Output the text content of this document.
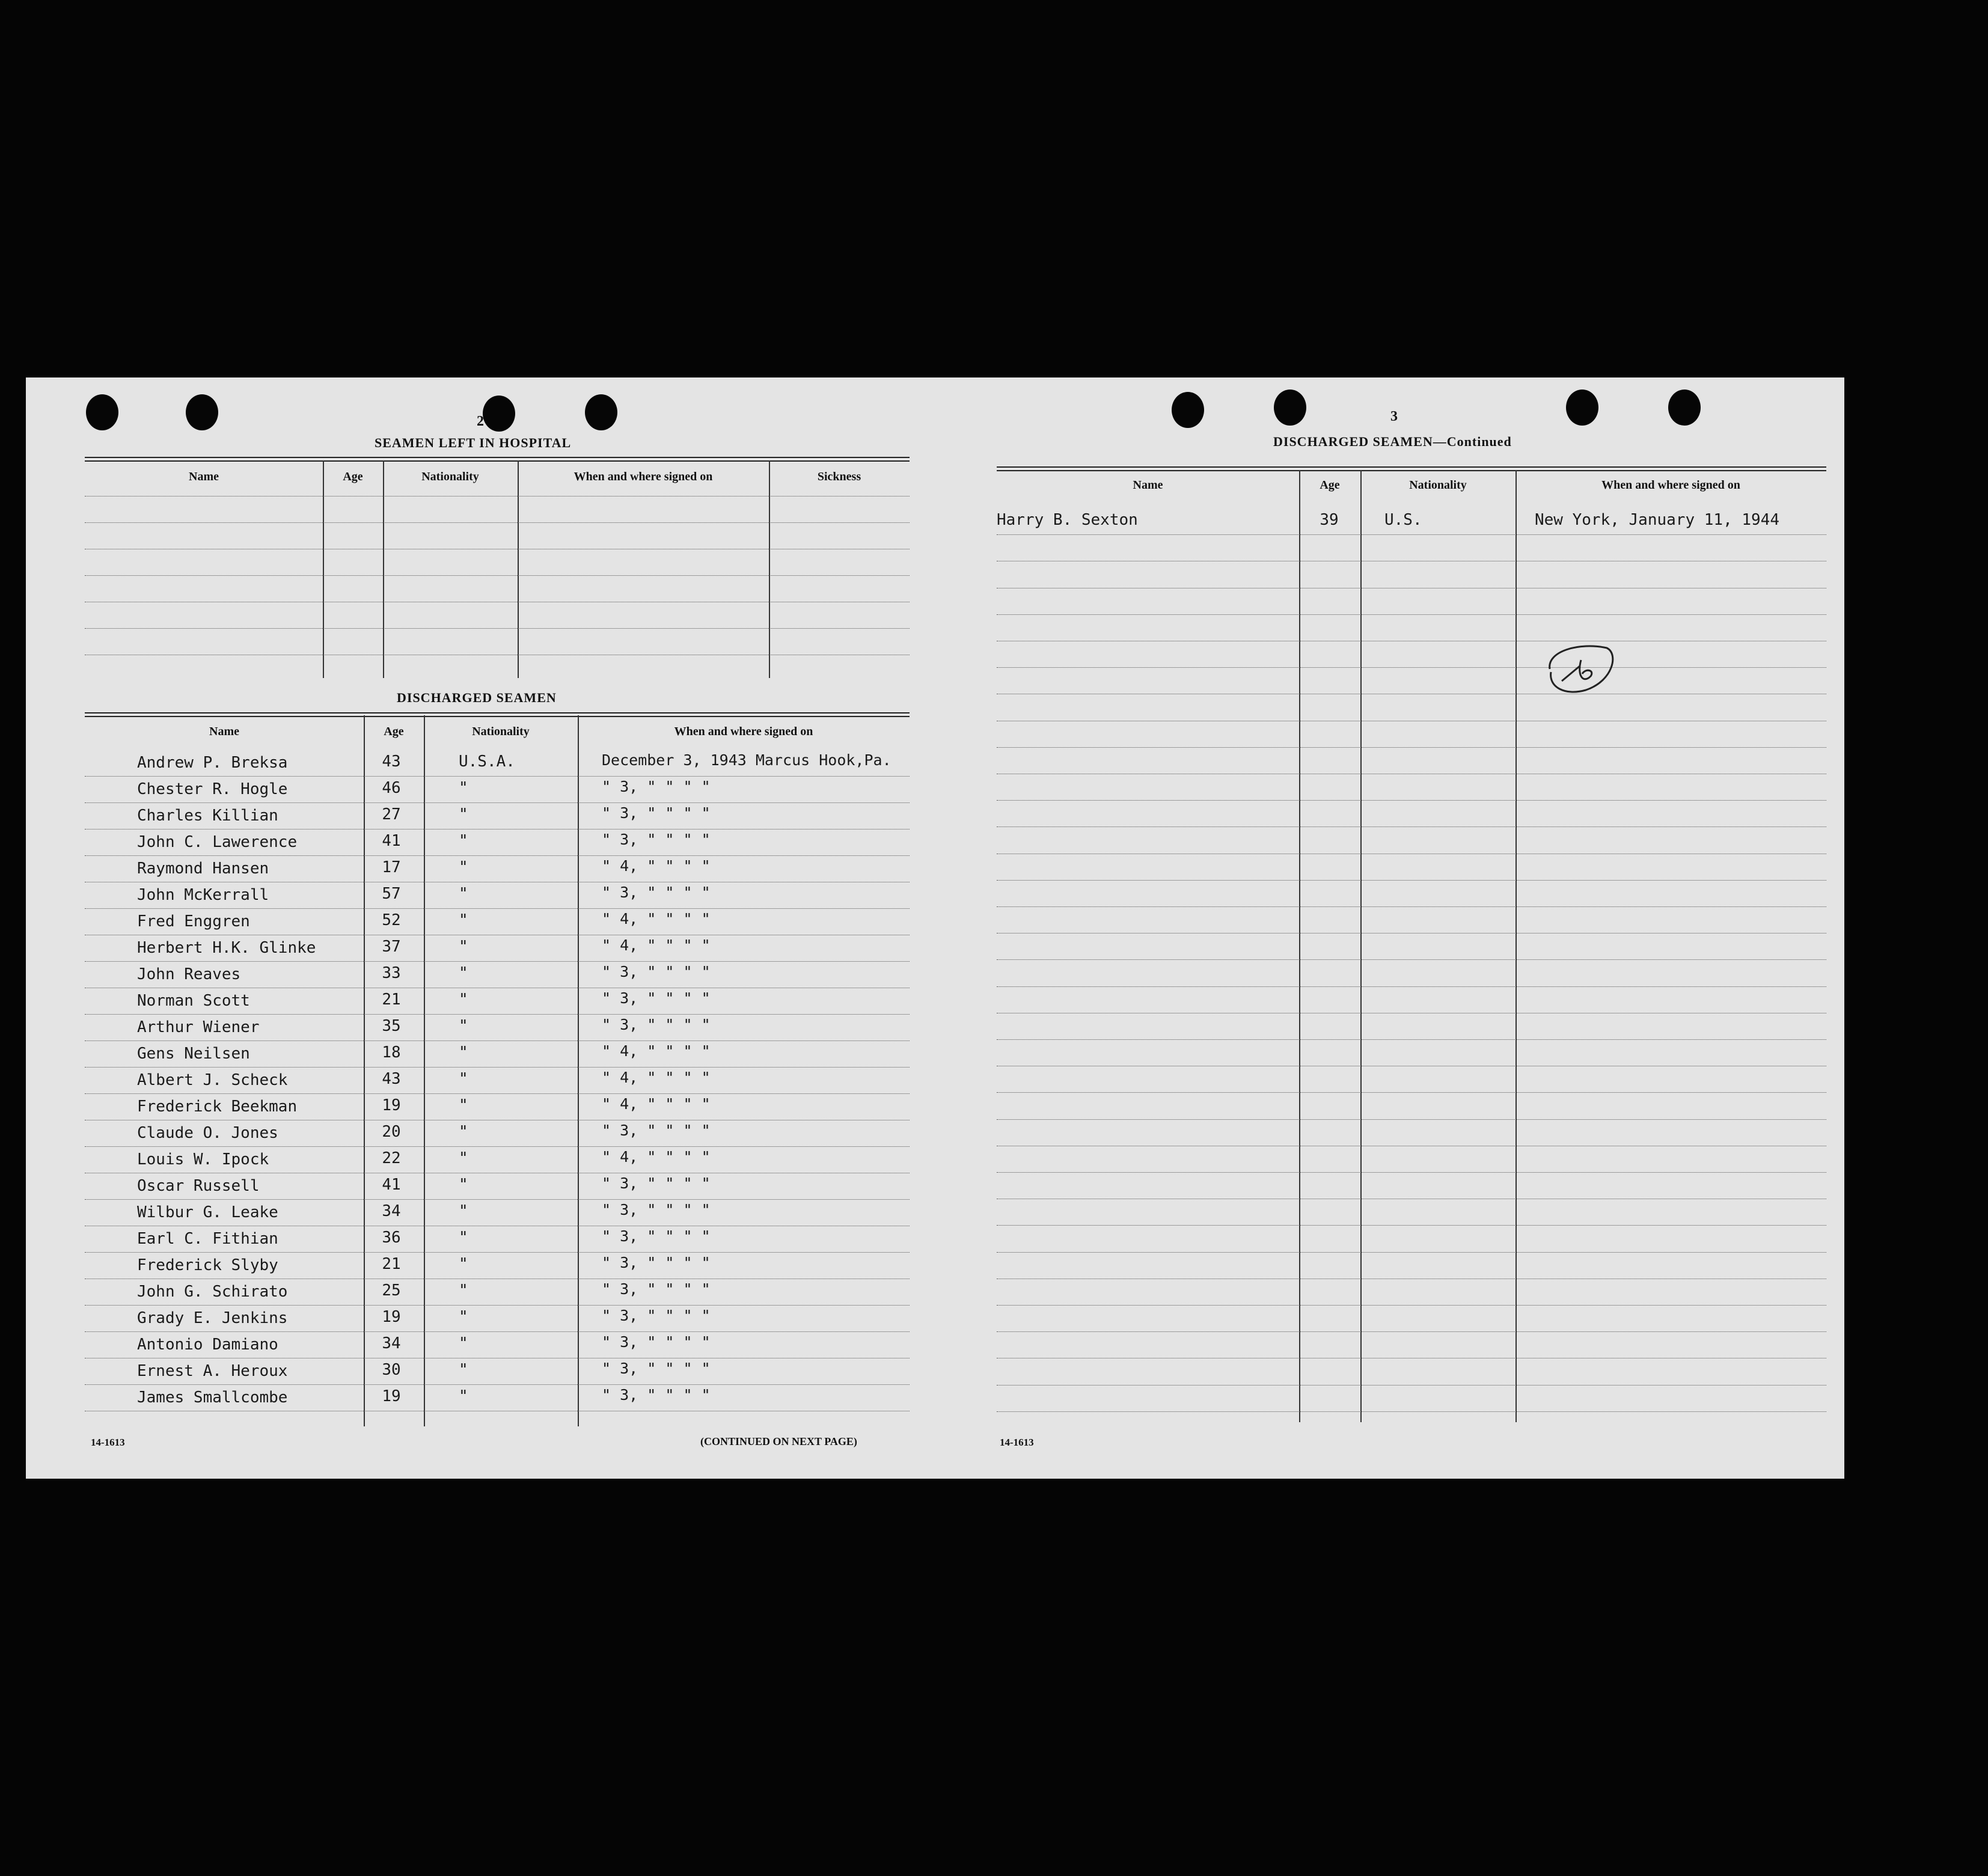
2
SEAMEN LEFT IN HOSPITAL
Name	Age	Nationality	When and where signed on	Sickness
DISCHARGED SEAMEN
Name	Age	Nationality	When and where signed on
Andrew P. Breksa	43	U.S.A.	December 3, 1943 Marcus Hook,Pa.
Chester R. Hogle	46	"	" 3, " " " "
Charles Killian	27	"	" 3, " " " "
John C. Lawerence	41	"	" 3, " " " "
Raymond Hansen	17	"	" 4, " " " "
John McKerrall	57	"	" 3, " " " "
Fred Enggren	52	"	" 4, " " " "
Herbert H.K. Glinke	37	"	" 4, " " " "
John Reaves	33	"	" 3, " " " "
Norman Scott	21	"	" 3, " " " "
Arthur Wiener	35	"	" 3, " " " "
Gens Neilsen	18	"	" 4, " " " "
Albert J. Scheck	43	"	" 4, " " " "
Frederick Beekman	19	"	" 4, " " " "
Claude O. Jones	20	"	" 3, " " " "
Louis W. Ipock	22	"	" 4, " " " "
Oscar Russell	41	"	" 3, " " " "
Wilbur G. Leake	34	"	" 3, " " " "
Earl C. Fithian	36	"	" 3, " " " "
Frederick Slyby	21	"	" 3, " " " "
John G. Schirato	25	"	" 3, " " " "
Grady E. Jenkins	19	"	" 3, " " " "
Antonio Damiano	34	"	" 3, " " " "
Ernest A. Heroux	30	"	" 3, " " " "
James Smallcombe	19	"	" 3, " " " "
14-1613	(CONTINUED ON NEXT PAGE)
3
DISCHARGED SEAMEN—Continued
Name	Age	Nationality	When and where signed on
Harry B. Sexton	39	U.S.	New York, January 11, 1944
14-1613
